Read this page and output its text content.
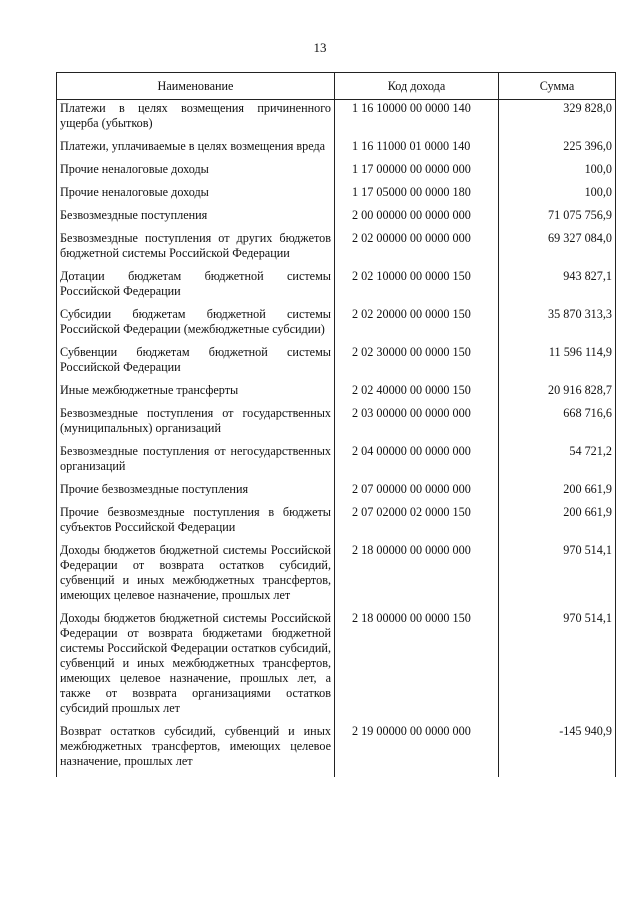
13
Наименование	Код дохода	Сумма
Платежи в целях возмещения причиненного ущерба (убытков)	1 16 10000 00 0000 140	329 828,0
Платежи, уплачиваемые в целях возмещения вреда	1 16 11000 01 0000 140	225 396,0
Прочие неналоговые доходы	1 17 00000 00 0000 000	100,0
Прочие неналоговые доходы	1 17 05000 00 0000 180	100,0
Безвозмездные поступления	2 00 00000 00 0000 000	71 075 756,9
Безвозмездные поступления от других бюджетов бюджетной системы Российской Федерации	2 02 00000 00 0000 000	69 327 084,0
Дотации бюджетам бюджетной системы Российской Федерации	2 02 10000 00 0000 150	943 827,1
Субсидии бюджетам бюджетной системы Российской Федерации (межбюджетные субсидии)	2 02 20000 00 0000 150	35 870 313,3
Субвенции бюджетам бюджетной системы Российской Федерации	2 02 30000 00 0000 150	11 596 114,9
Иные межбюджетные трансферты	2 02 40000 00 0000 150	20 916 828,7
Безвозмездные поступления от государственных (муниципальных) организаций	2 03 00000 00 0000 000	668 716,6
Безвозмездные поступления от негосударственных организаций	2 04 00000 00 0000 000	54 721,2
Прочие безвозмездные поступления	2 07 00000 00 0000 000	200 661,9
Прочие безвозмездные поступления в бюджеты субъектов Российской Федерации	2 07 02000 02 0000 150	200 661,9
Доходы бюджетов бюджетной системы Российской Федерации от возврата остатков субсидий, субвенций и иных межбюджетных трансфертов, имеющих целевое назначение, прошлых лет	2 18 00000 00 0000 000	970 514,1
Доходы бюджетов бюджетной системы Российской Федерации от возврата бюджетами бюджетной системы Российской Федерации остатков субсидий, субвенций и иных межбюджетных трансфертов, имеющих целевое назначение, прошлых лет, а также от возврата организациями остатков субсидий прошлых лет	2 18 00000 00 0000 150	970 514,1
Возврат остатков субсидий, субвенций и иных межбюджетных трансфертов, имеющих целевое назначение, прошлых лет	2 19 00000 00 0000 000	-145 940,9
